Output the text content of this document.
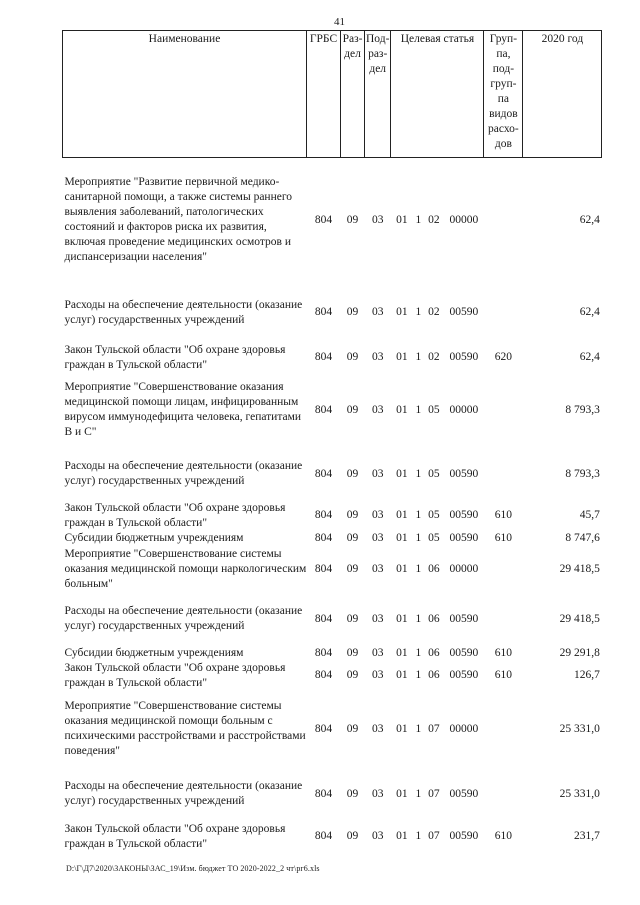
41
Наименование	ГРБС	Раз-дел	Под-раз-дел	Целевая статья				Груп-па, под-груп-па видов расхо-дов	2020 год
Мероприятие "Развитие первичной медико-санитарной помощи, а также системы раннего выявления заболеваний, патологических состояний и факторов риска их развития, включая проведение медицинских осмотров и диспансеризации населения"	804	09	03	01	1	02	00000		62,4
Расходы на обеспечение деятельности (оказание услуг) государственных учреждений	804	09	03	01	1	02	00590		62,4
Закон Тульской области "Об охране здоровья граждан в Тульской области"	804	09	03	01	1	02	00590	620	62,4
Мероприятие "Совершенствование оказания медицинской помощи лицам, инфицированным вирусом иммунодефицита человека, гепатитами В и С"	804	09	03	01	1	05	00000		8 793,3
Расходы на обеспечение деятельности (оказание услуг) государственных учреждений	804	09	03	01	1	05	00590		8 793,3
Закон Тульской области "Об охране здоровья граждан в Тульской области"	804	09	03	01	1	05	00590	610	45,7
Субсидии бюджетным учреждениям	804	09	03	01	1	05	00590	610	8 747,6
Мероприятие "Совершенствование системы оказания медицинской помощи наркологическим больным"	804	09	03	01	1	06	00000		29 418,5
Расходы на обеспечение деятельности (оказание услуг) государственных учреждений	804	09	03	01	1	06	00590		29 418,5
Субсидии бюджетным учреждениям	804	09	03	01	1	06	00590	610	29 291,8
Закон Тульской области "Об охране здоровья граждан в Тульской области"	804	09	03	01	1	06	00590	610	126,7
Мероприятие "Совершенствование системы оказания медицинской помощи больным с психическими расстройствами и расстройствами поведения"	804	09	03	01	1	07	00000		25 331,0
Расходы на обеспечение деятельности (оказание услуг) государственных учреждений	804	09	03	01	1	07	00590		25 331,0
Закон Тульской области "Об охране здоровья граждан в Тульской области"	804	09	03	01	1	07	00590	610	231,7
D:\Г\Д7\2020\ЗАКОНЫ\ЗАС_19\Изм. бюджет ТО 2020-2022_2 чт\рг6.xls
